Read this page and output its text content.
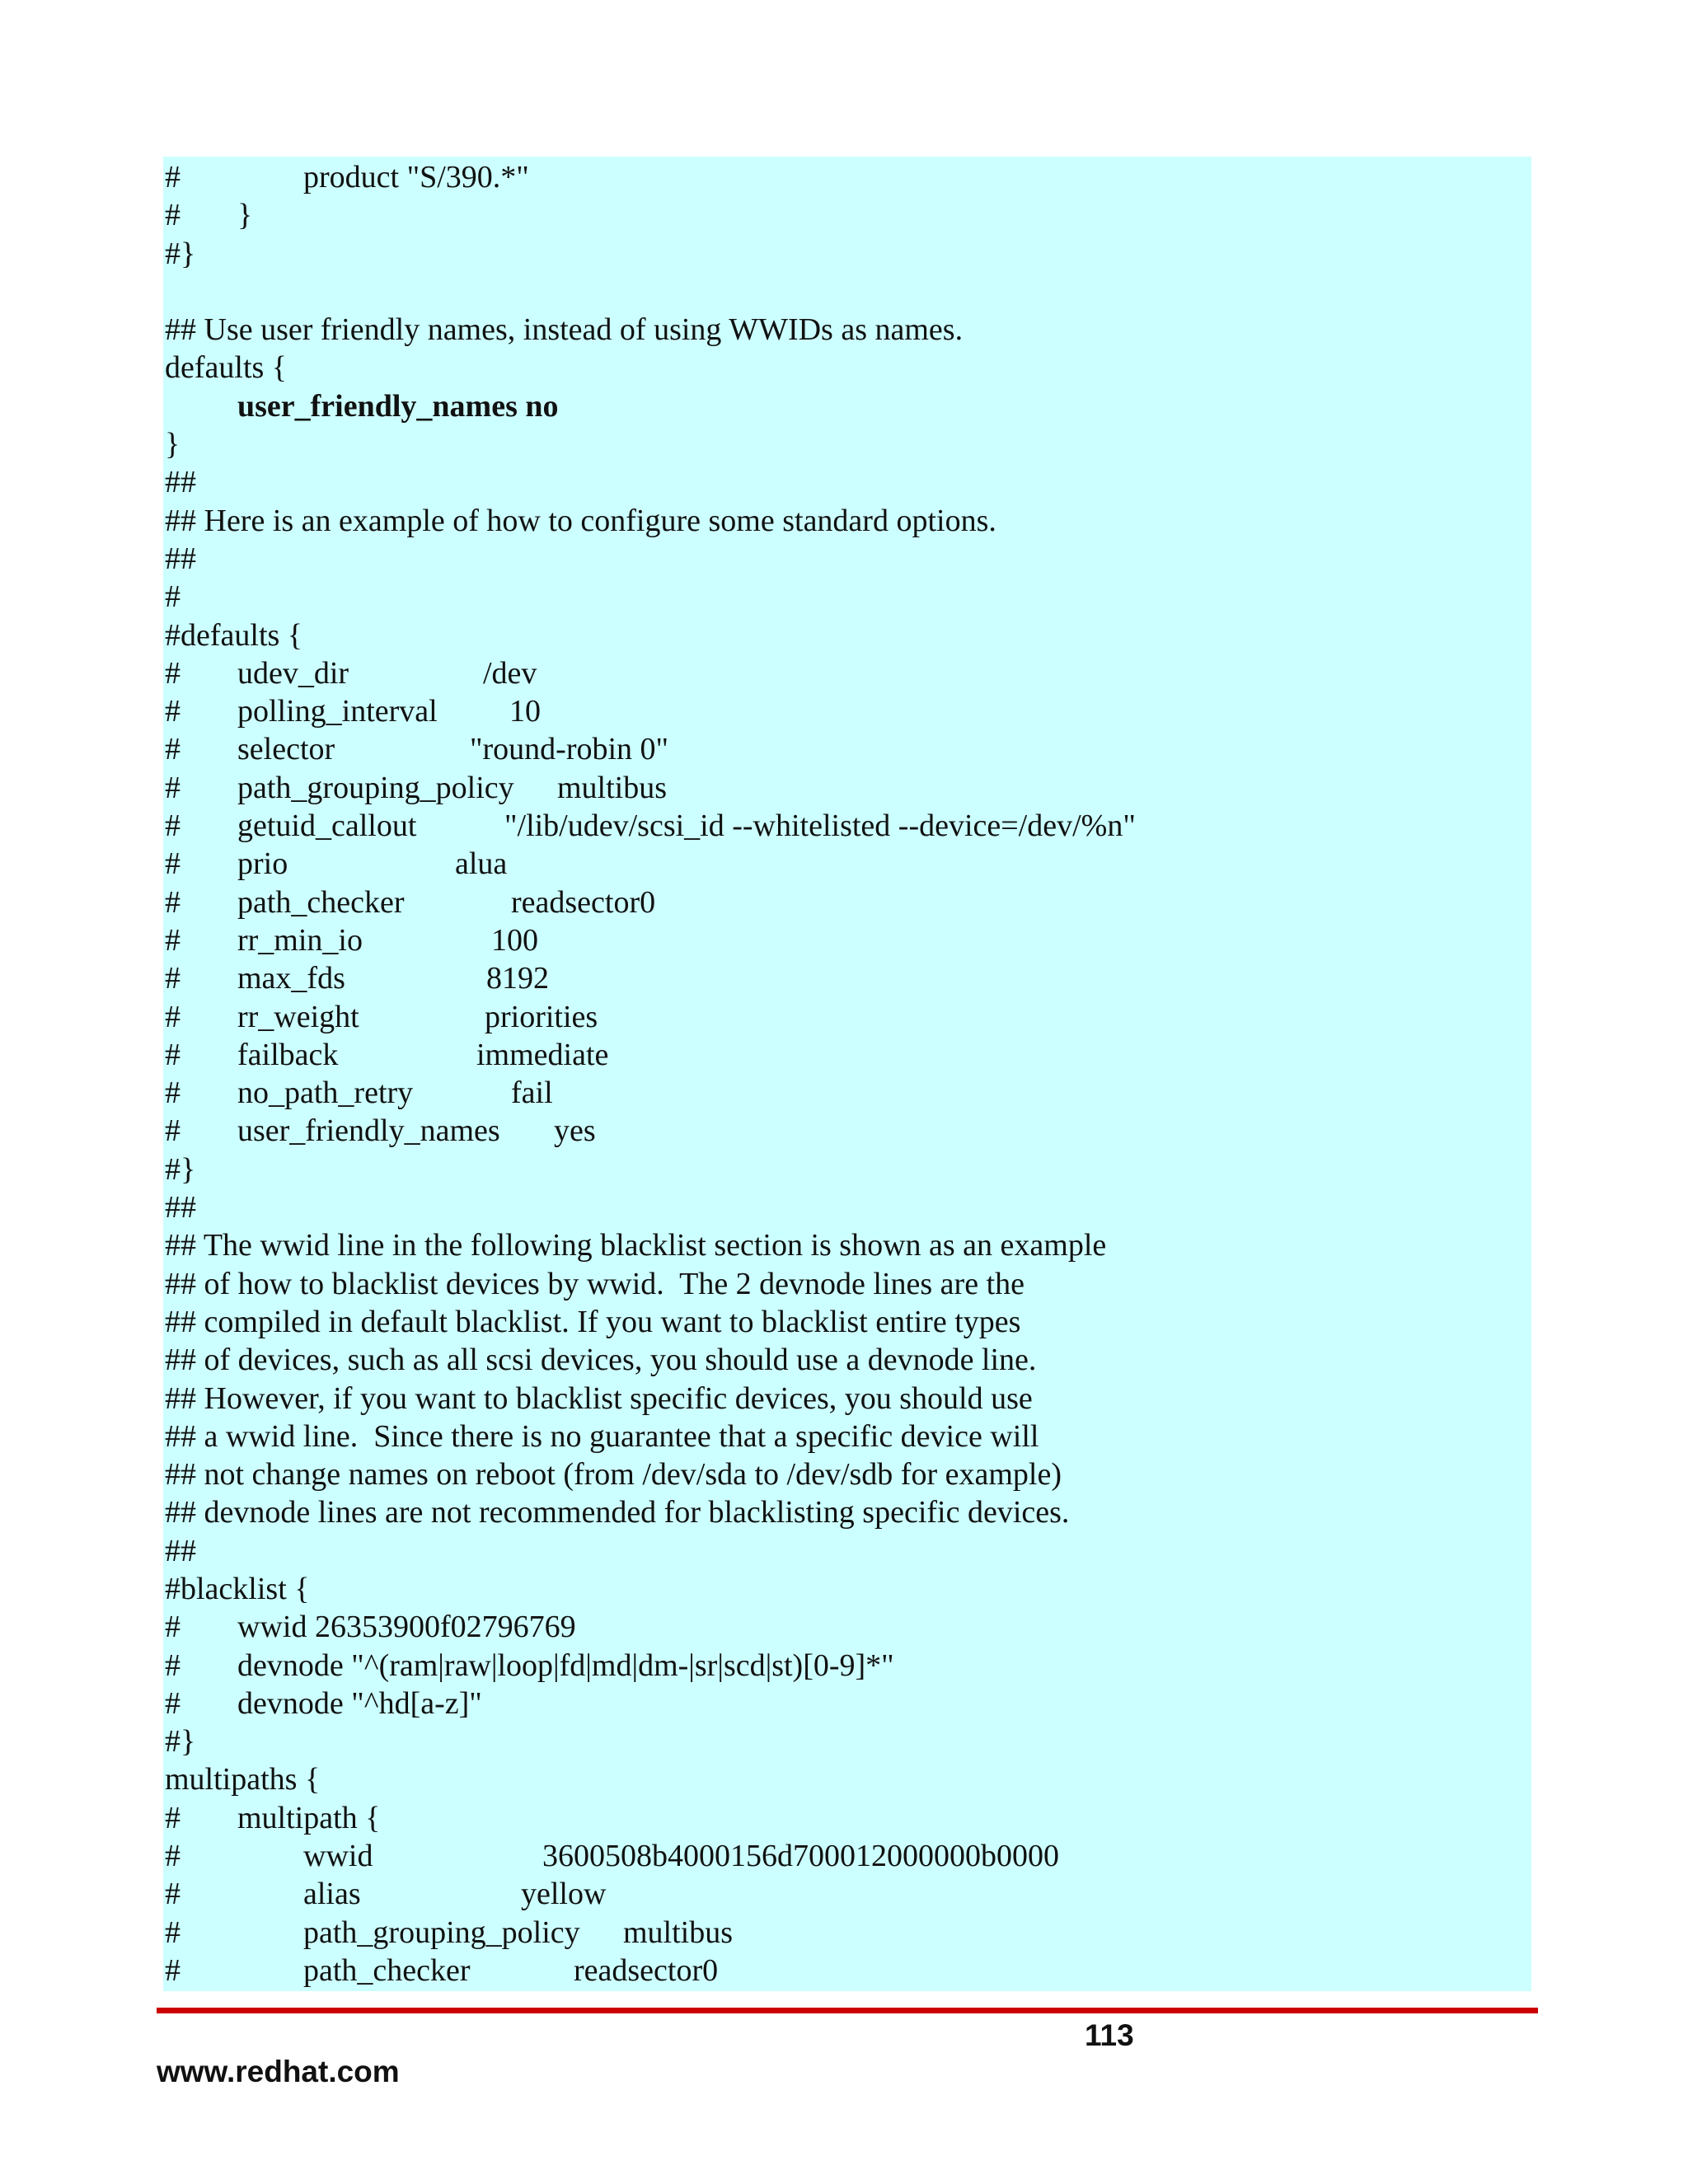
#	product "S/390.*"
# }
#}
## Use user friendly names, instead of using WWIDs as names.
defaults {
user_friendly_names no
}
##
## Here is an example of how to configure some standard options.
##
#
#defaults {
# udev_dir	/dev
# polling_interval 10
# selector	"round-robin 0"
# path_grouping_policy multibus
# getuid_callout	"/lib/udev/scsi_id --whitelisted --device=/dev/%n"
# prio	alua
# path_checker	readsector0
# rr_min_io	100
# max_fds	8192
# rr_weight	priorities
# failback	immediate
# no_path_retry	fail
# user_friendly_names yes
#}
##
## The wwid line in the following blacklist section is shown as an example
## of how to blacklist devices by wwid.  The 2 devnode lines are the
## compiled in default blacklist. If you want to blacklist entire types
## of devices, such as all scsi devices, you should use a devnode line.
## However, if you want to blacklist specific devices, you should use
## a wwid line.  Since there is no guarantee that a specific device will
## not change names on reboot (from /dev/sda to /dev/sdb for example)
## devnode lines are not recommended for blacklisting specific devices.
##
#blacklist {
# wwid 26353900f02796769
# devnode "^(ram|raw|loop|fd|md|dm-|sr|scd|st)[0-9]*"
# devnode "^hd[a-z]"
#}
multipaths {
# multipath {
#	wwid	3600508b4000156d700012000000b0000
#	alias	yellow
#	path_grouping_policy multibus
#	path_checker	readsector0
113
www.redhat.com
